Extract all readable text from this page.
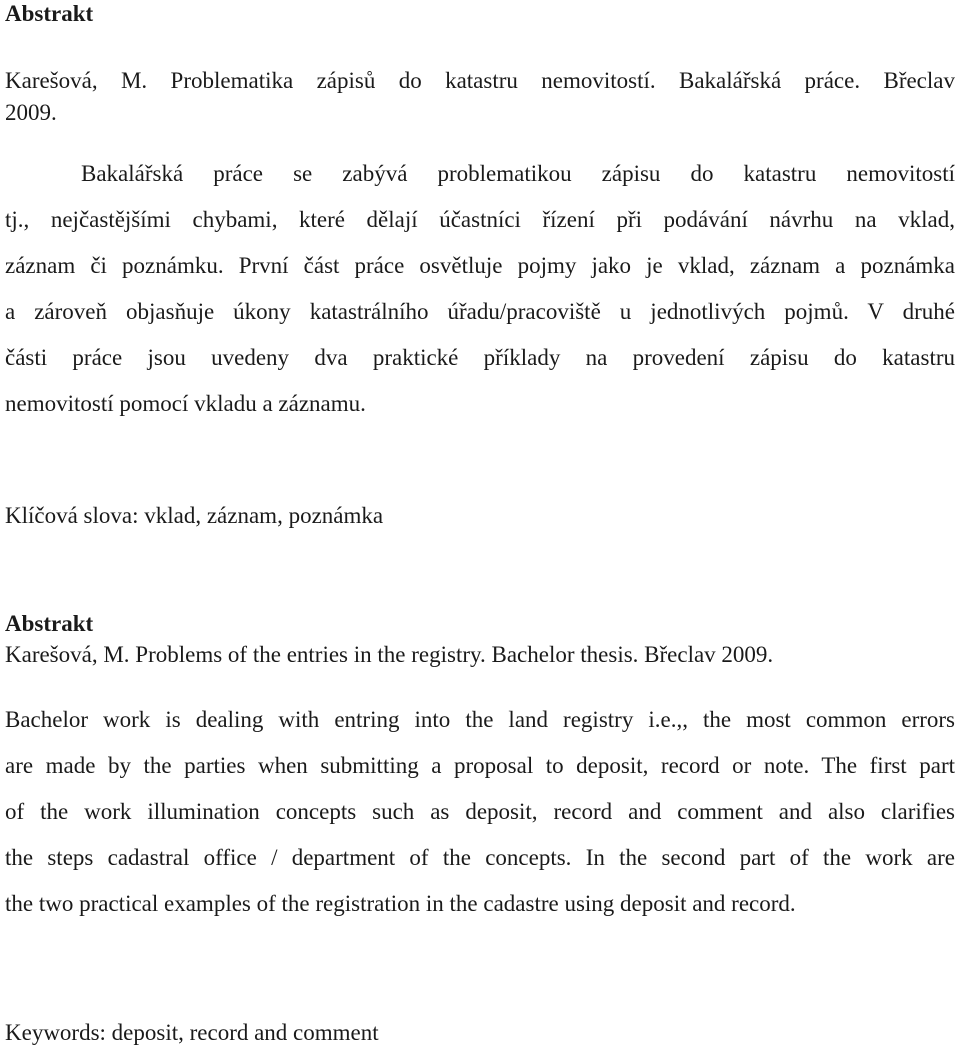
Abstrakt
Karešová, M. Problematika zápisů do katastru nemovitostí. Bakalářská práce. Břeclav
2009.
Bakalářská práce se zabývá problematikou zápisu do katastru nemovitostí
tj., nejčastějšími chybami, které dělají účastníci řízení při podávání návrhu na vklad,
záznam či poznámku. První část práce osvětluje pojmy jako je vklad, záznam a poznámka
a zároveň objasňuje úkony katastrálního úřadu/pracoviště u jednotlivých pojmů. V druhé
části práce jsou uvedeny dva praktické příklady na provedení zápisu do katastru
nemovitostí pomocí vkladu a záznamu.
Klíčová slova: vklad, záznam, poznámka
Abstrakt
Karešová, M. Problems of the entries in the registry. Bachelor thesis. Břeclav 2009.
Bachelor work is dealing with entring into the land registry i.e.,, the most common errors
are made by the parties when submitting a proposal to deposit, record or note. The first part
of the work illumination concepts such as deposit, record and comment and also clarifies
the steps cadastral office / department of the concepts. In the second part of the work are
the two practical examples of the registration in the cadastre using deposit and record.
Keywords: deposit, record and comment
